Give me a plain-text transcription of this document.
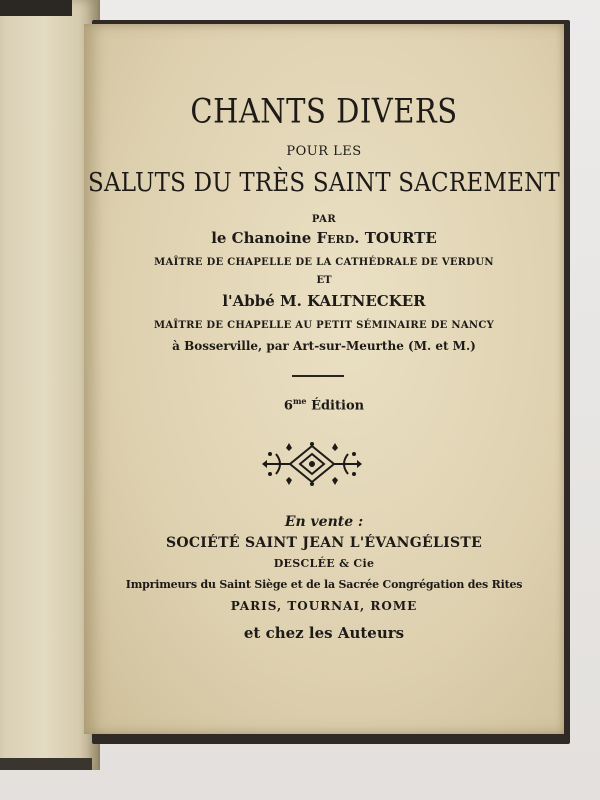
CHANTS DIVERS
POUR LES
SALUTS DU TRÈS SAINT SACREMENT
PAR
le Chanoine Ferd. TOURTE
MAÎTRE DE CHAPELLE DE LA CATHÉDRALE DE VERDUN
ET
l'Abbé M. KALTNECKER
MAÎTRE DE CHAPELLE AU PETIT SÉMINAIRE DE NANCY
à Bosserville, par Art-sur-Meurthe (M. et M.)
$6^{me}$ Édition
En vente :
SOCIÉTÉ SAINT JEAN L'ÉVANGÉLISTE
DESCLÉE & Cie
Imprimeurs du Saint Siège et de la Sacrée Congrégation des Rites
PARIS, TOURNAI, ROME
et chez les Auteurs
